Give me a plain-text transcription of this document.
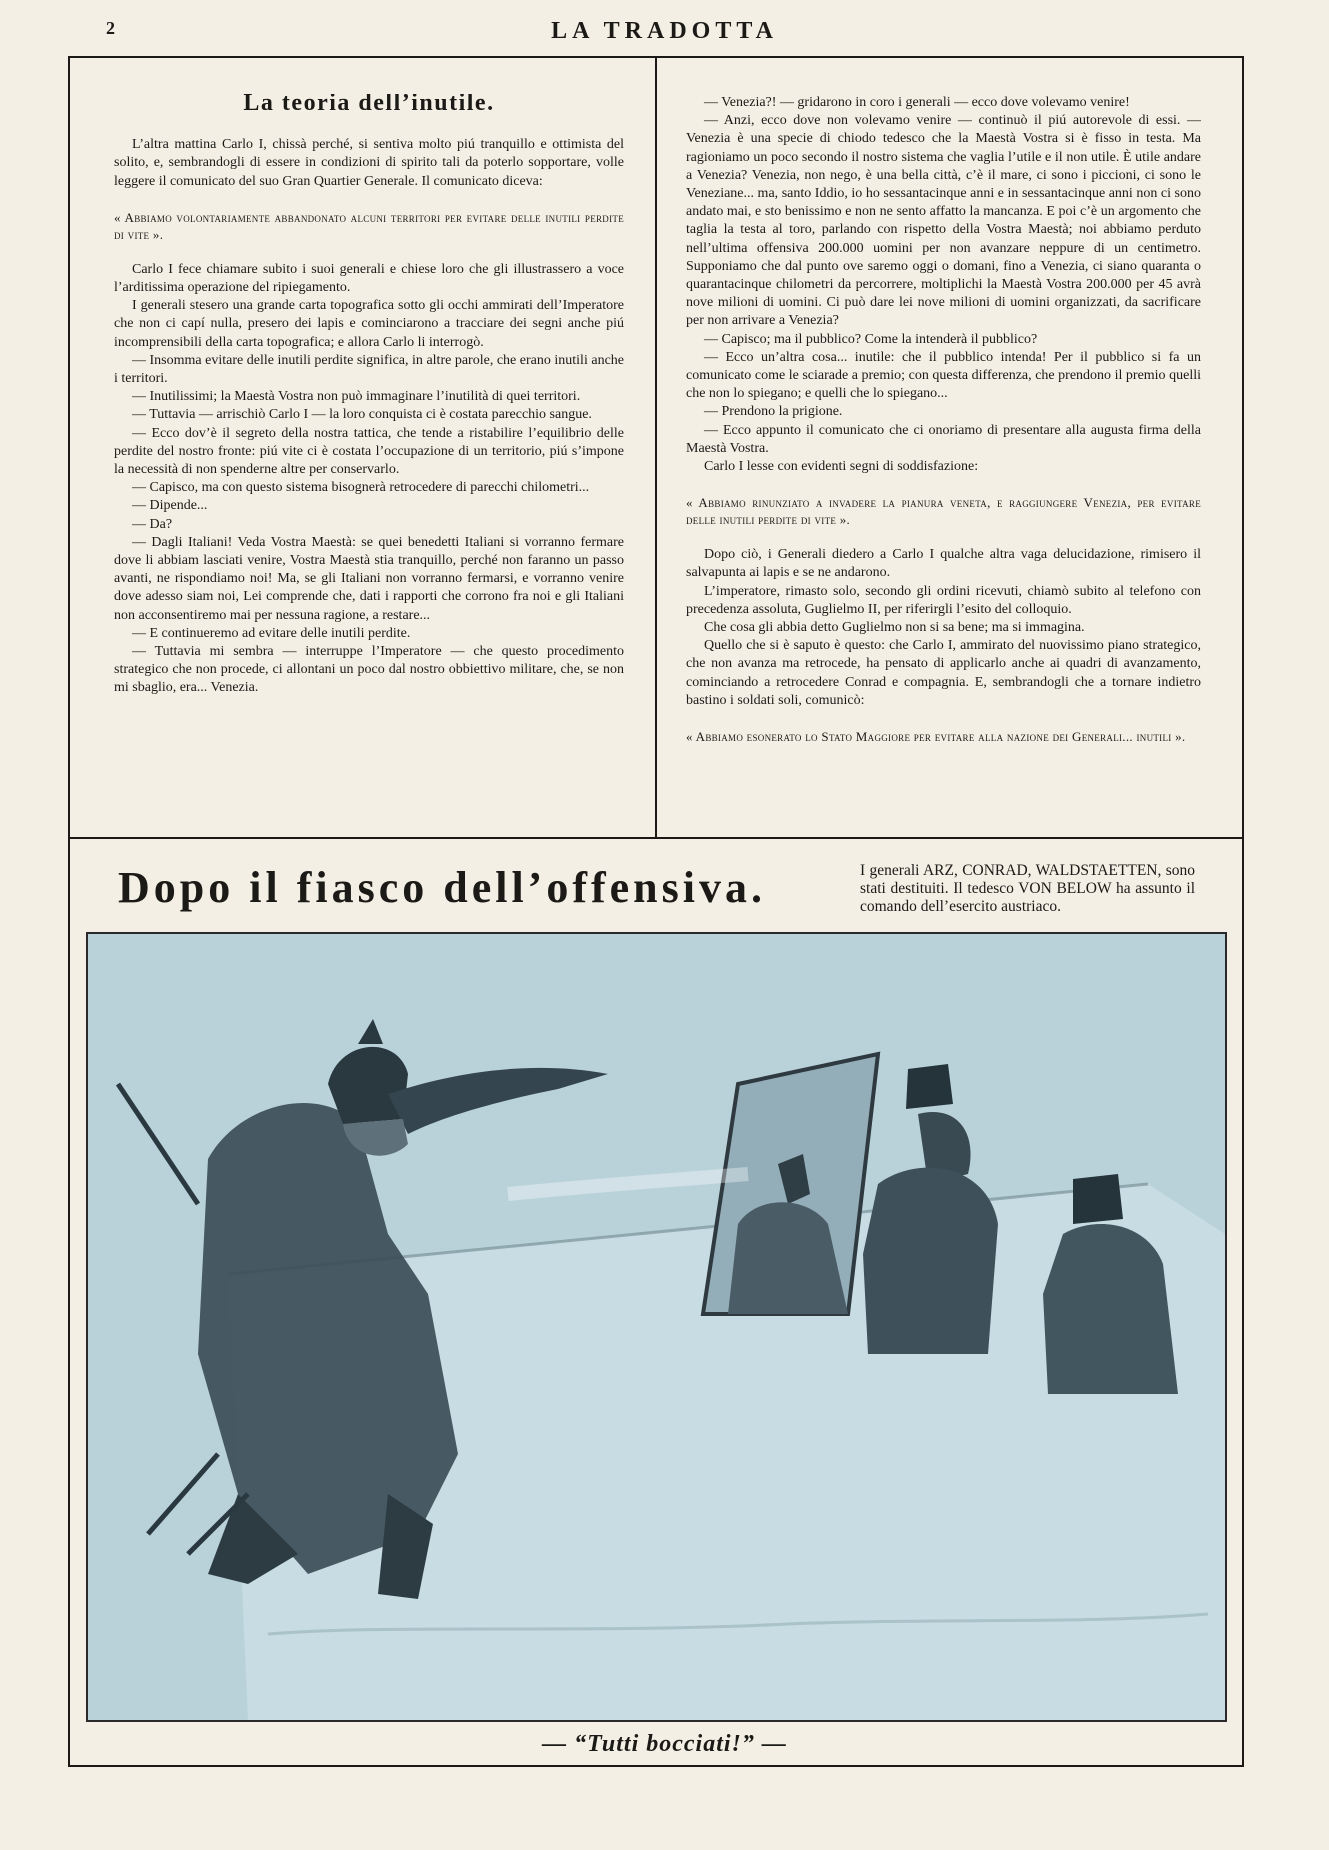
2	LA TRADOTTA
La teoria dell’inutile.

L’altra mattina Carlo I, chissà perché, si sentiva molto piú tranquillo e ottimista del solito, e, sembrandogli di essere in condizioni di spirito tali da poterlo sopportare, volle leggere il comunicato del suo Gran Quartier Generale. Il comunicato diceva:

« Abbiamo volontariamente abbandonato alcuni territori per evitare delle inutili perdite di vite ».

Carlo I fece chiamare subito i suoi generali e chiese loro che gli illustrassero a voce l’arditissima operazione del ripiegamento.

I generali stesero una grande carta topografica sotto gli occhi ammirati dell’Imperatore che non ci capí nulla, presero dei lapis e cominciarono a tracciare dei segni anche piú incomprensibili della carta topografica; e allora Carlo li interrogò.

— Insomma evitare delle inutili perdite significa, in altre parole, che erano inutili anche i territori.

— Inutilissimi; la Maestà Vostra non può immaginare l’inutilità di quei territori.

— Tuttavia — arrischiò Carlo I — la loro conquista ci è costata parecchio sangue.

— Ecco dov’è il segreto della nostra tattica, che tende a ristabilire l’equilibrio delle perdite del nostro fronte: piú vite ci è costata l’occupazione di un territorio, piú s’impone la necessità di non spenderne altre per conservarlo.

— Capisco, ma con questo sistema bisognerà retrocedere di parecchi chilometri...

— Dipende...

— Da?

— Dagli Italiani! Veda Vostra Maestà: se quei benedetti Italiani si vorranno fermare dove li abbiam lasciati venire, Vostra Maestà stia tranquillo, perché non faranno un passo avanti, ne rispondiamo noi! Ma, se gli Italiani non vorranno fermarsi, e vorranno venire dove adesso siam noi, Lei comprende che, dati i rapporti che corrono fra noi e gli Italiani non acconsentiremo mai per nessuna ragione, a restare...

— E continueremo ad evitare delle inutili perdite.

— Tuttavia mi sembra — interruppe l’Imperatore — che questo procedimento strategico che non procede, ci allontani un poco dal nostro obbiettivo militare, che, se non mi sbaglio, era... Venezia.

— Venezia?! — gridarono in coro i generali — ecco dove volevamo venire!

— Anzi, ecco dove non volevamo venire — continuò il piú autorevole di essi. — Venezia è una specie di chiodo tedesco che la Maestà Vostra si è fisso in testa. Ma ragioniamo un poco secondo il nostro sistema che vaglia l’utile e il non utile. È utile andare a Venezia? Venezia, non nego, è una bella città, c’è il mare, ci sono i piccioni, ci sono le Veneziane... ma, santo Iddio, io ho sessantacinque anni e in sessantacinque anni non ci sono andato mai, e sto benissimo e non ne sento affatto la mancanza. E poi c’è un argomento che taglia la testa al toro, parlando con rispetto della Vostra Maestà; noi abbiamo perduto nell’ultima offensiva 200.000 uomini per non avanzare neppure di un centimetro. Supponiamo che dal punto ove saremo oggi o domani, fino a Venezia, ci siano quaranta o quarantacinque chilometri da percorrere, moltiplichi la Maestà Vostra 200.000 per 45 avrà nove milioni di uomini. Ci può dare lei nove milioni di uomini organizzati, da sacrificare per non arrivare a Venezia?

— Capisco; ma il pubblico? Come la intenderà il pubblico?

— Ecco un’altra cosa... inutile: che il pubblico intenda! Per il pubblico si fa un comunicato come le sciarade a premio; con questa differenza, che prendono il premio quelli che non lo spiegano; e quelli che lo spiegano...

— Prendono la prigione.

— Ecco appunto il comunicato che ci onoriamo di presentare alla augusta firma della Maestà Vostra.

Carlo I lesse con evidenti segni di soddisfazione:

« Abbiamo rinunziato a invadere la pianura veneta, e raggiungere Venezia, per evitare delle inutili perdite di vite ».

Dopo ciò, i Generali diedero a Carlo I qualche altra vaga delucidazione, rimisero il salvapunta ai lapis e se ne andarono.

L’imperatore, rimasto solo, secondo gli ordini ricevuti, chiamò subito al telefono con precedenza assoluta, Guglielmo II, per riferirgli l’esito del colloquio.

Che cosa gli abbia detto Guglielmo non si sa bene; ma si immagina.

Quello che si è saputo è questo: che Carlo I, ammirato del nuovissimo piano strategico, che non avanza ma retrocede, ha pensato di applicarlo anche ai quadri di avanzamento, cominciando a retrocedere Conrad e compagnia. E, sembrandogli che a tornare indietro bastino i soldati soli, comunicò:

« Abbiamo esonerato lo Stato Maggiore per evitare alla nazione dei Generali... inutili ».

Dopo il fiasco dell’offensiva.	I generali ARZ, CONRAD, WALDSTAETTEN, sono stati destituiti. Il tedesco VON BELOW ha assunto il comando dell’esercito austriaco.
— “Tutti bocciati!” —
